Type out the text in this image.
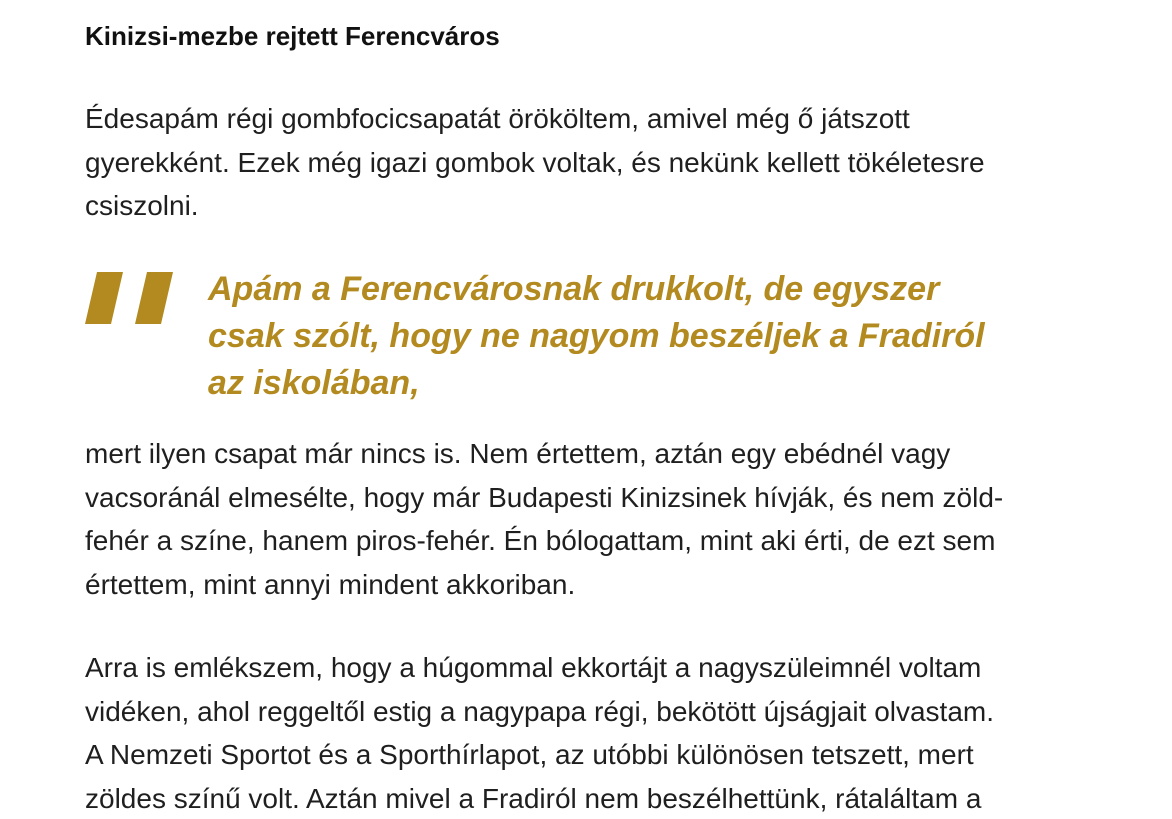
Kinizsi-mezbe rejtett Ferencváros

Édesapám régi gombfocicsapatát örököltem, amivel még ő játszott
gyerekként. Ezek még igazi gombok voltak, és nekünk kellett tökéletesre
csiszolni.

Apám a Ferencvárosnak drukkolt, de egyszer
csak szólt, hogy ne nagyom beszéljek a Fradiról
az iskolában,

mert ilyen csapat már nincs is. Nem értettem, aztán egy ebédnél vagy
vacsoránál elmesélte, hogy már Budapesti Kinizsinek hívják, és nem zöld-
fehér a színe, hanem piros-fehér. Én bólogattam, mint aki érti, de ezt sem
értettem, mint annyi mindent akkoriban.

Arra is emlékszem, hogy a húgommal ekkortájt a nagyszüleimnél voltam
vidéken, ahol reggeltől estig a nagypapa régi, bekötött újságjait olvastam.
A Nemzeti Sportot és a Sporthírlapot, az utóbbi különösen tetszett, mert
zöldes színű volt. Aztán mivel a Fradiról nem beszélhettünk, rátaláltam a
